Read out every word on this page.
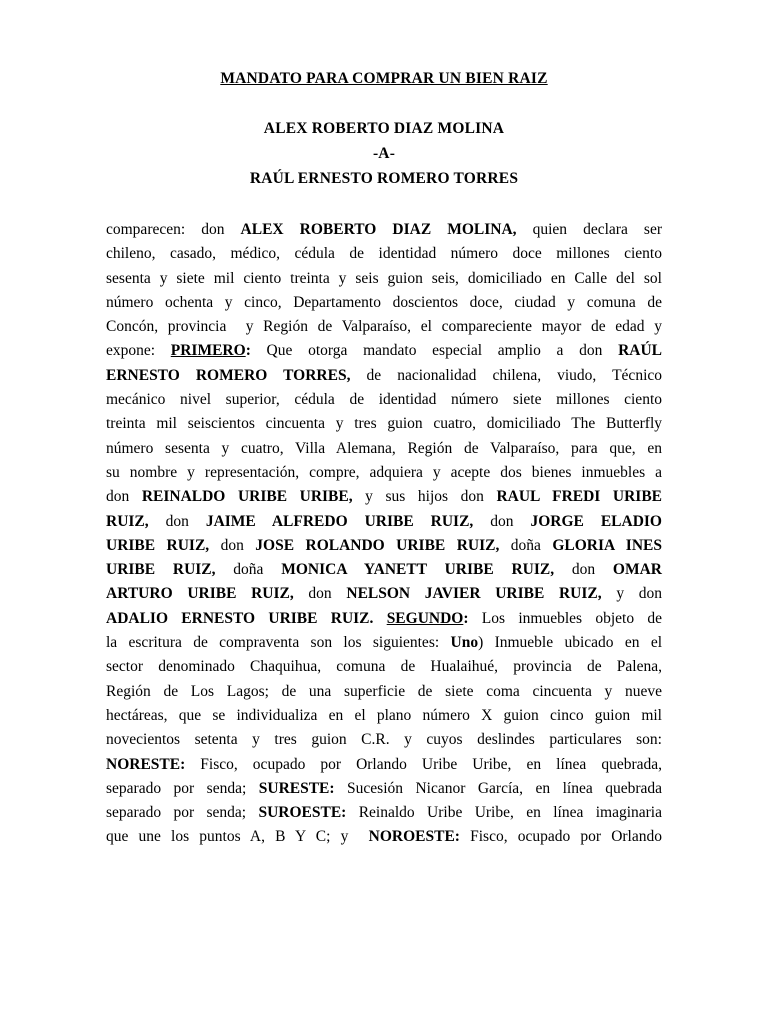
MANDATO PARA COMPRAR UN BIEN RAIZ
ALEX ROBERTO DIAZ MOLINA
-A-
RAÚL ERNESTO ROMERO TORRES
comparecen: don ALEX ROBERTO DIAZ MOLINA, quien declara ser
chileno, casado, médico, cédula de identidad número doce millones ciento
sesenta y siete mil ciento treinta y seis guion seis, domiciliado en Calle del sol
número ochenta y cinco, Departamento doscientos doce, ciudad y comuna de
Concón, provincia  y Región de Valparaíso, el compareciente mayor de edad y
expone: PRIMERO: Que otorga mandato especial amplio a don RAÚL
ERNESTO ROMERO TORRES, de nacionalidad chilena, viudo, Técnico
mecánico nivel superior, cédula de identidad número siete millones ciento
treinta mil seiscientos cincuenta y tres guion cuatro, domiciliado The Butterfly
número sesenta y cuatro, Villa Alemana, Región de Valparaíso, para que, en
su nombre y representación, compre, adquiera y acepte dos bienes inmuebles a
don REINALDO URIBE URIBE, y sus hijos don RAUL FREDI URIBE
RUIZ, don JAIME ALFREDO URIBE RUIZ, don JORGE ELADIO
URIBE RUIZ, don JOSE ROLANDO URIBE RUIZ, doña GLORIA INES
URIBE RUIZ, doña MONICA YANETT URIBE RUIZ, don OMAR
ARTURO URIBE RUIZ, don NELSON JAVIER URIBE RUIZ, y don
ADALIO ERNESTO URIBE RUIZ. SEGUNDO: Los inmuebles objeto de
la escritura de compraventa son los siguientes: Uno) Inmueble ubicado en el
sector denominado Chaquihua, comuna de Hualaihué, provincia de Palena,
Región de Los Lagos; de una superficie de siete coma cincuenta y nueve
hectáreas, que se individualiza en el plano número X guion cinco guion mil
novecientos setenta y tres guion C.R. y cuyos deslindes particulares son:
NORESTE: Fisco, ocupado por Orlando Uribe Uribe, en línea quebrada,
separado por senda; SURESTE: Sucesión Nicanor García, en línea quebrada
separado por senda; SUROESTE: Reinaldo Uribe Uribe, en línea imaginaria
que une los puntos A, B Y C; y  NOROESTE: Fisco, ocupado por Orlando
